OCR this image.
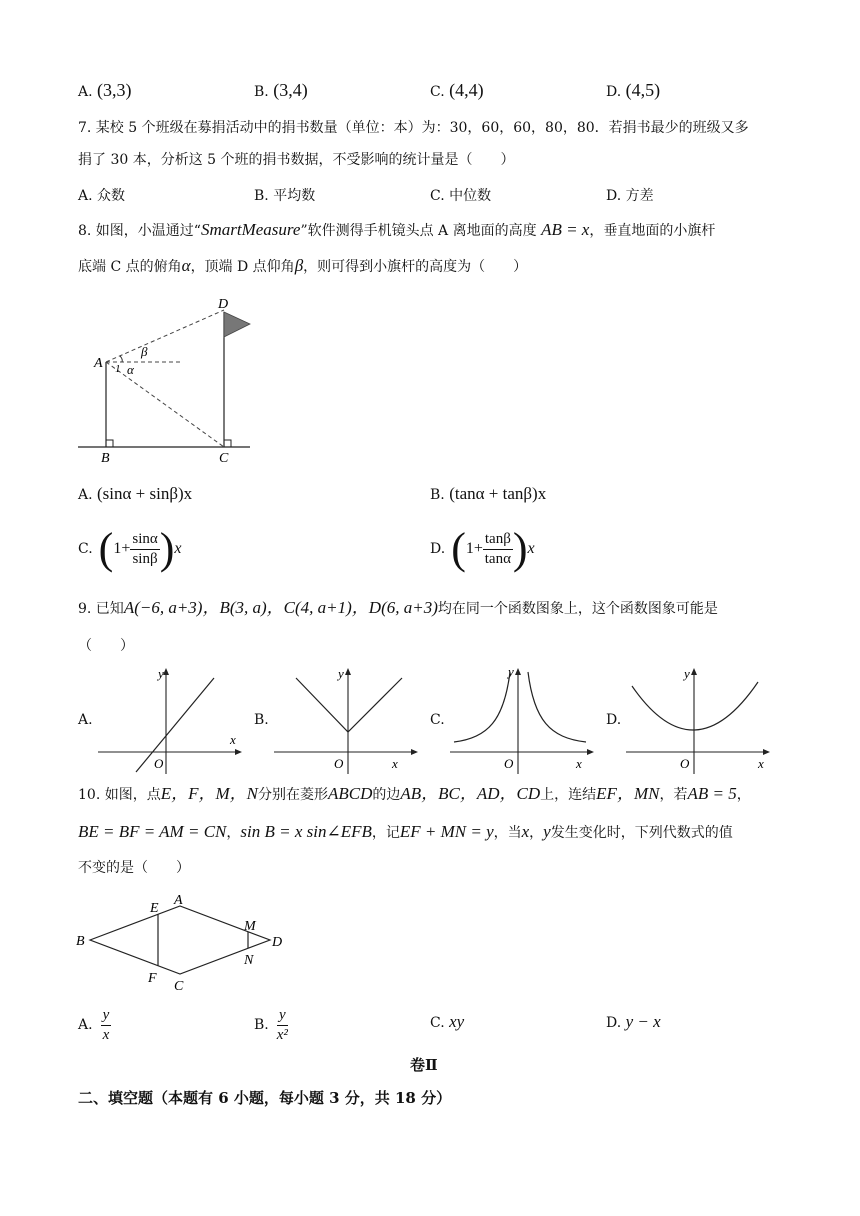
A. (3,3)	B. (3,4)	C. (4,4)	D. (4,5)
7. 某校 5 个班级在募捐活动中的捐书数量（单位：本）为：30，60，60，80，80．若捐书最少的班级又多
捐了 30 本，分析这 5 个班的捐书数据，不受影响的统计量是（　　）
A. 众数	B. 平均数	C. 中位数	D. 方差
8. 如图，小温通过“SmartMeasure”软件测得手机镜头点 A 离地面的高度 AB = x，垂直地面的小旗杆
底端 C 点的俯角α，顶端 D 点仰角β，则可得到小旗杆的高度为（　　）
D
A
B	C
β
α
1
A. (sinα + sinβ)x	B. (tanα + tanβ)x
C. ( $1+ \frac{\sin\alpha}{\sin\beta}$ ) x	D. ( $1+ \frac{\tan\beta}{\tan\alpha}$ ) x
9. 已知A(−6, a+3)，B(3, a)，C(4, a+1)，D(6, a+3)均在同一个函数图象上，这个函数图象可能是
（　　）
A.	B.	C.	D.
y
x
O
y
x
O
y
x
O
y
x
O
10. 如图，点E，F，M，N分别在菱形ABCD的边AB，BC，AD，CD上，连结EF，MN，若AB = 5，
BE = BF = AM = CN，sin B = x sin∠EFB，记EF + MN = y，当x，y发生变化时，下列代数式的值
不变的是（　　）
A
B
C
D
E
F
M
N
A. $\frac{y}{x}$	B. $\frac{y}{\text{x²}}$	C. xy	D. y − x
卷Ⅱ
二、填空题（本题有 6 小题，每小题 3 分，共 18 分）
